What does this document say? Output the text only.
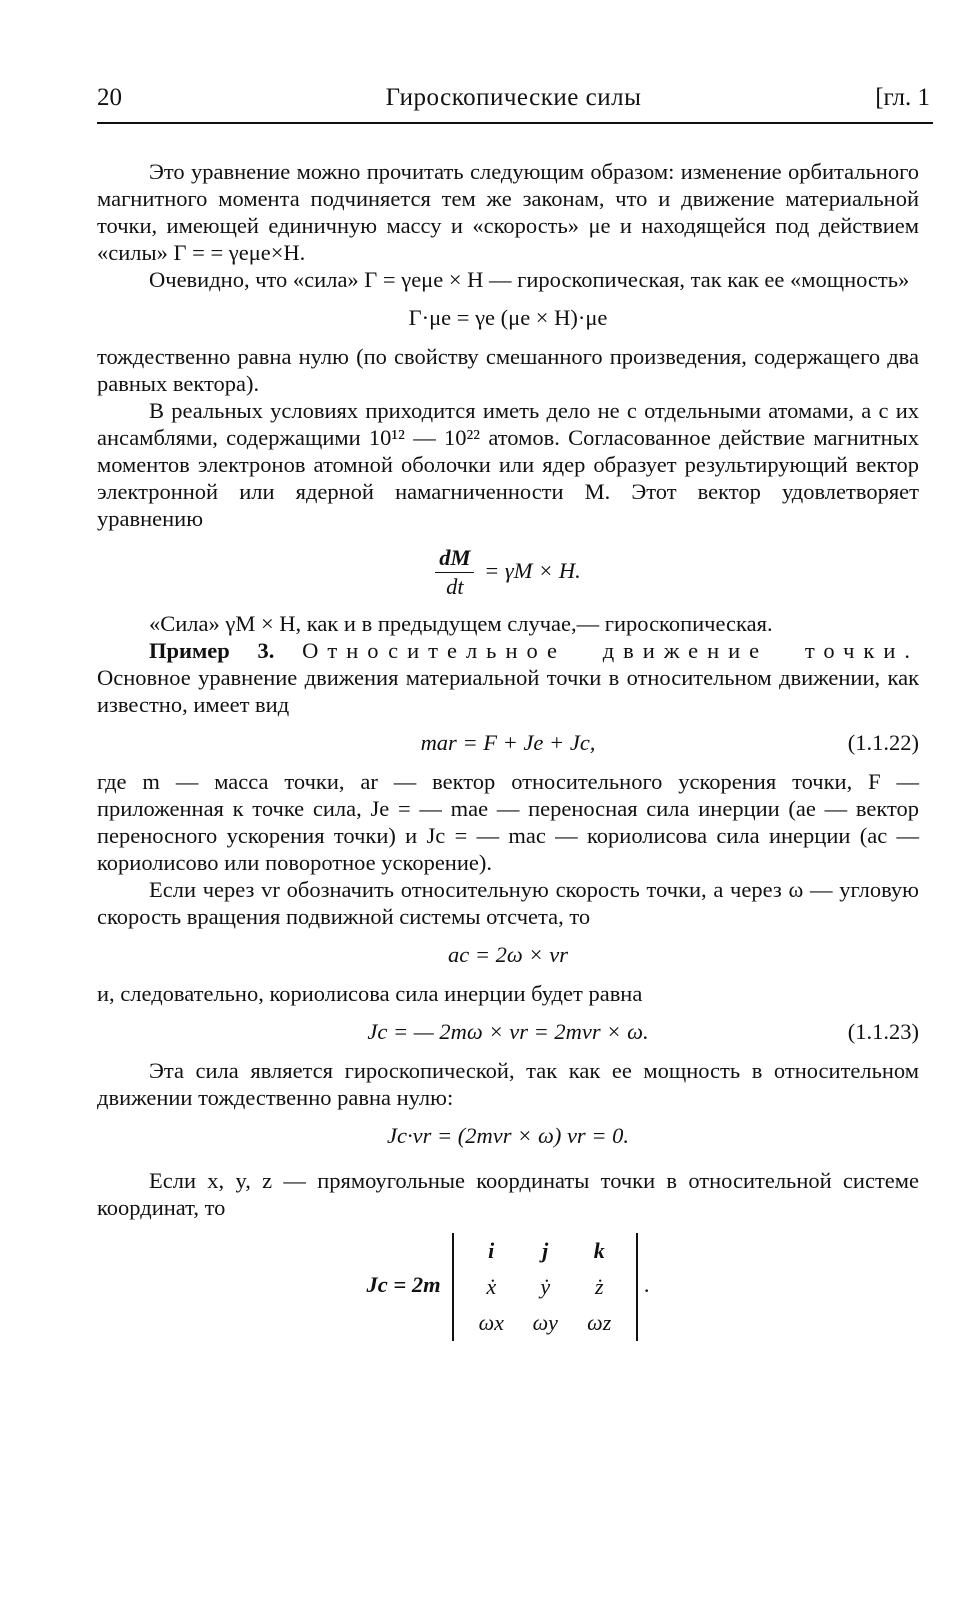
20	Гироскопические силы	[гл. 1

Это уравнение можно прочитать следующим образом: изменение орбитального магнитного момента подчиняется тем же законам, что и движение материальной точки, имеющей единичную массу и «скорость» μe и находящейся под действием «силы» Γ = = γeμe×H.

Очевидно, что «сила» Γ = γeμe × H — гироскопическая, так как ее «мощность»

Γ·μe = γe (μe × H)·μe

тождественно равна нулю (по свойству смешанного произведения, содержащего два равных вектора).

В реальных условиях приходится иметь дело не с отдельными атомами, а с их ансамблями, содержащими 10¹² — 10²² атомов. Согласованное действие магнитных моментов электронов атомной оболочки или ядер образует результирующий вектор электронной или ядерной намагниченности M. Этот вектор удовлетворяет уравнению

$\frac{dM}{dt} = \gamma M \times H$.

«Сила» γM × H, как и в предыдущем случае,— гироскопическая.

Пример 3. Относительное движение точки. Основное уравнение движения материальной точки в относительном движении, как известно, имеет вид

mar = F + Je + Jc,	(1.1.22)

где m — масса точки, ar — вектор относительного ускорения точки, F — приложенная к точке сила, Je = — mae — переносная сила инерции (ae — вектор переносного ускорения точки) и Jc = — mac — кориолисова сила инерции (ac — кориолисово или поворотное ускорение).

Если через vr обозначить относительную скорость точки, а через ω — угловую скорость вращения подвижной системы отсчета, то

ac = 2ω × vr

и, следовательно, кориолисова сила инерции будет равна

Jc = — 2mω × vr = 2mvr × ω.	(1.1.23)

Эта сила является гироскопической, так как ее мощность в относительном движении тождественно равна нулю:

Jc·vr = (2mvr × ω) vr = 0.

Если x, y, z — прямоугольные координаты точки в относительной системе координат, то

Jc = 2m
i	j	k
ẋ	ẏ	ż
ωx	ωy	ωz
.
